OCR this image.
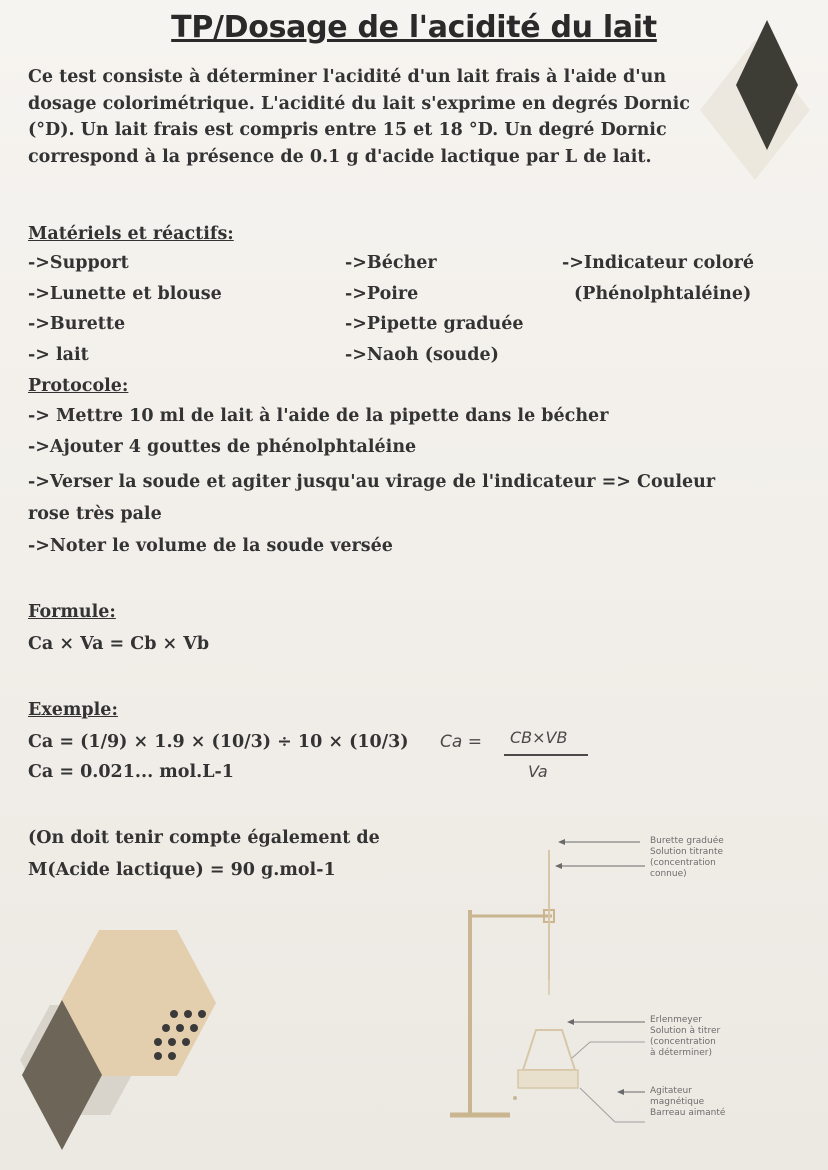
TP/Dosage de l'acidité du lait
Ce test consiste à déterminer l'acidité d'un lait frais à l'aide d'un dosage colorimétrique. L'acidité du lait s'exprime en degrés Dornic (°D). Un lait frais est compris entre 15 et 18 °D. Un degré Dornic correspond à la présence de 0.1 g d'acide lactique par L de lait.
Matériels et réactifs:
->Support
->Lunette et blouse
->Burette
-> lait
->Bécher
->Poire
->Pipette graduée
->Naoh (soude)
->Indicateur coloré
(Phénolphtaléine)
Protocole:
-> Mettre 10 ml de lait à l'aide de la pipette dans le bécher
->Ajouter 4 gouttes de phénolphtaléine
->Verser la soude et agiter jusqu'au virage de l'indicateur => Couleur
rose très pale
->Noter le volume de la soude versée
Formule:
Ca × Va = Cb × Vb
Exemple:
Ca = (1/9) × 1.9 × (10/3) ÷ 10 × (10/3)
Ca = 0.021... mol.L-1
Ca = CB×VB
Va
(On doit tenir compte également de
M(Acide lactique) = 90 g.mol-1
Burette graduée
Solution titrante
(concentration
connue)
Erlenmeyer
Solution à titrer
(concentration
à déterminer)
Agitateur
magnétique
Barreau aimanté
